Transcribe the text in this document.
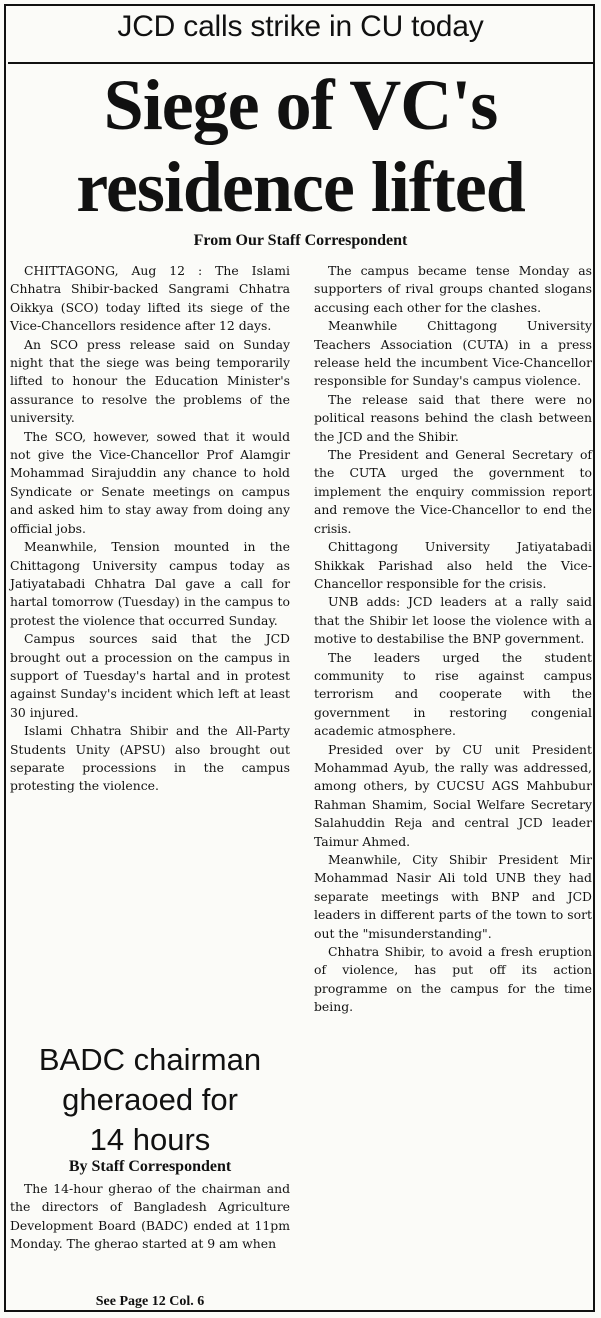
JCD calls strike in CU today
Siege of VC's
residence lifted
From Our Staff Correspondent

CHITTAGONG, Aug 12 : The Islami Chhatra Shibir-backed Sangrami Chhatra Oikkya (SCO) today lifted its siege of the Vice-Chancellors residence after 12 days.

An SCO press release said on Sunday night that the siege was being temporarily lifted to honour the Education Minister's assurance to resolve the problems of the university.

The SCO, however, sowed that it would not give the Vice-Chancellor Prof Alamgir Mohammad Sirajuddin any chance to hold Syndicate or Senate meetings on campus and asked him to stay away from doing any official jobs.

Meanwhile, Tension mounted in the Chittagong University campus today as Jatiyatabadi Chhatra Dal gave a call for hartal tomorrow (Tuesday) in the campus to protest the violence that occurred Sunday.

Campus sources said that the JCD brought out a procession on the campus in support of Tuesday's hartal and in protest against Sunday's incident which left at least 30 injured.

Islami Chhatra Shibir and the All-Party Students Unity (APSU) also brought out separate processions in the campus protesting the violence.

The campus became tense Monday as supporters of rival groups chanted slogans accusing each other for the clashes.

Meanwhile Chittagong University Teachers Association (CUTA) in a press release held the incumbent Vice-Chancellor responsible for Sunday's campus violence.

The release said that there were no political reasons behind the clash between the JCD and the Shibir.

The President and General Secretary of the CUTA urged the government to implement the enquiry commission report and remove the Vice-Chancellor to end the crisis.

Chittagong University Jatiyatabadi Shikkak Parishad also held the Vice-Chancellor responsible for the crisis.

UNB adds: JCD leaders at a rally said that the Shibir let loose the violence with a motive to destabilise the BNP government.

The leaders urged the student community to rise against campus terrorism and cooperate with the government in restoring congenial academic atmosphere.

Presided over by CU unit President Mohammad Ayub, the rally was addressed, among others, by CUCSU AGS Mahbubur Rahman Shamim, Social Welfare Secretary Salahuddin Reja and central JCD leader Taimur Ahmed.

Meanwhile, City Shibir President Mir Mohammad Nasir Ali told UNB they had separate meetings with BNP and JCD leaders in different parts of the town to sort out the "misunderstanding".

Chhatra Shibir, to avoid a fresh eruption of violence, has put off its action programme on the campus for the time being.

BADC chairman
gheraoed for
14 hours
By Staff Correspondent

The 14-hour gherao of the chairman and the directors of Bangladesh Agriculture Development Board (BADC) ended at 11pm Monday. The gherao started at 9 am when

See Page 12 Col. 6
